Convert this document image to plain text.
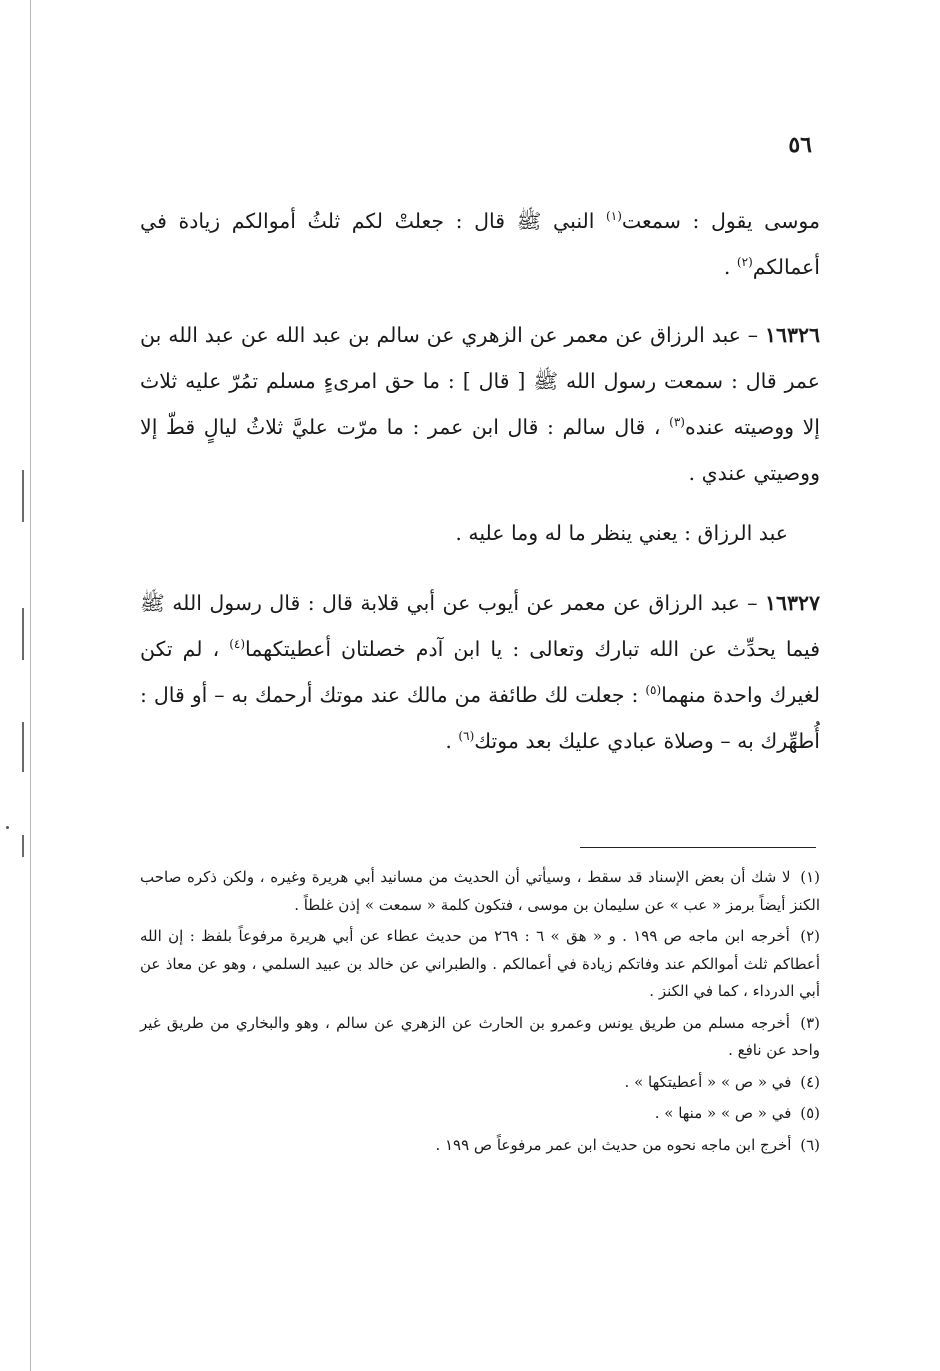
٥٦

موسى يقول : سمعت$^{(١)}$ النبي ﷺ قال : جعلتْ لكم ثلثُ أموالكم زيادة في أعمالكم$^{(٢)}$ .

١٦٣٢٦ – عبد الرزاق عن معمر عن الزهري عن سالم بن عبد الله عن عبد الله بن عمر قال : سمعت رسول الله ﷺ [ قال ] : ما حق امرىءٍ مسلم تمُرّ عليه ثلاث إلا ووصيته عنده$^{(٣)}$ ، قال سالم : قال ابن عمر : ما مرّت عليَّ ثلاثُ ليالٍ قطّ إلا ووصيتي عندي .

عبد الرزاق : يعني ينظر ما له وما عليه .

١٦٣٢٧ – عبد الرزاق عن معمر عن أيوب عن أبي قلابة قال : قال رسول الله ﷺ فيما يحدِّث عن الله تبارك وتعالى : يا ابن آدم خصلتان أعطيتكهما$^{(٤)}$ ، لم تكن لغيرك واحدة منهما$^{(٥)}$ : جعلت لك طائفة من مالك عند موتك أرحمك به – أو قال : أُطهِّرك به – وصلاة عبادي عليك بعد موتك$^{(٦)}$ .

(١) لا شك أن بعض الإسناد قد سقط ، وسيأتي أن الحديث من مسانيد أبي هريرة وغيره ، ولكن ذكره صاحب الكنز أيضاً برمز « عب » عن سليمان بن موسى ، فتكون كلمة « سمعت » إذن غلطاً .

(٢) أخرجه ابن ماجه ص ١٩٩ . و « هق » ٦ : ٢٦٩ من حديث عطاء عن أبي هريرة مرفوعاً بلفظ : إن الله أعطاكم ثلث أموالكم عند وفاتكم زيادة في أعمالكم . والطبراني عن خالد بن عبيد السلمي ، وهو عن معاذ عن أبي الدرداء ، كما في الكنز .

(٣) أخرجه مسلم من طريق يونس وعمرو بن الحارث عن الزهري عن سالم ، وهو والبخاري من طريق غير واحد عن نافع .

(٤) في « ص » « أعطيتكها » .

(٥) في « ص » « منها » .

(٦) أخرج ابن ماجه نحوه من حديث ابن عمر مرفوعاً ص ١٩٩ .
